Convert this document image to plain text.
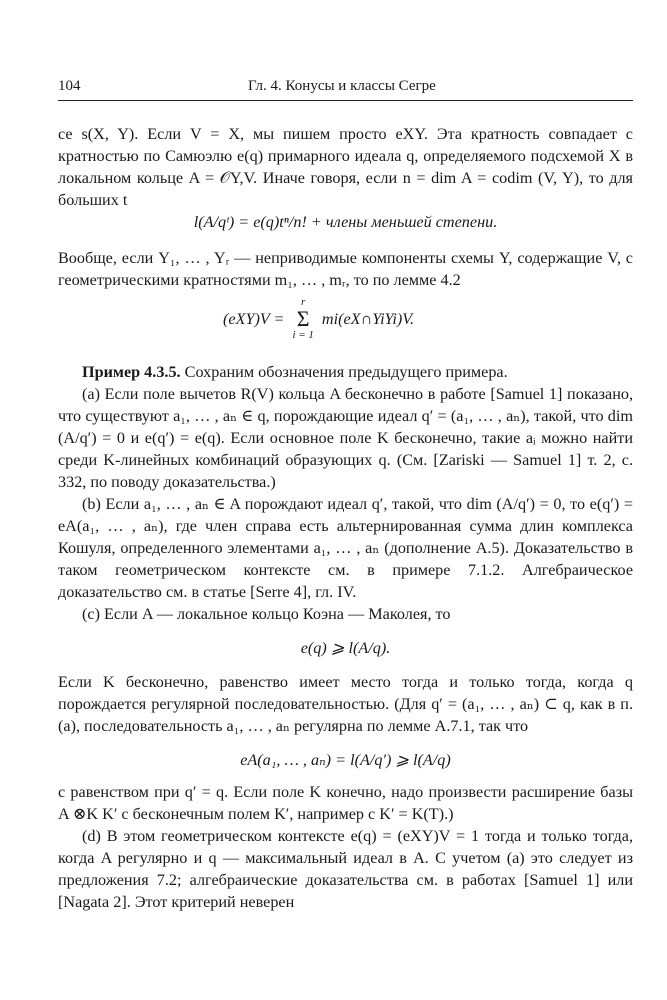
104	Гл. 4. Конусы и классы Сегре

се s(X, Y). Если V = X, мы пишем просто eXY. Эта кратность совпадает с кратностью по Самюэлю e(q) примарного идеала q, определяемого подсхемой X в локальном кольце A = 𝒪Y,V. Иначе говоря, если n = dim A = codim (V, Y), то для больших t

l(A/qᵗ) = e(q)tⁿ/n! + члены меньшей степени.

Вообще, если Y₁, … , Yᵣ — неприводимые компоненты схемы Y, содержащие V, с геометрическими кратностями m₁, … , mᵣ, то по лемме 4.2

(eXY)V =
r
Σ
i = 1
mi(eX∩YiYi)V.

Пример 4.3.5. Сохраним обозначения предыдущего примера.

(a) Если поле вычетов R(V) кольца A бесконечно в работе [Samuel 1] показано, что существуют a₁, … , aₙ ∈ q, порождающие идеал q′ = (a₁, … , aₙ), такой, что dim (A/q′) = 0 и e(q′) = e(q). Если основное поле K бесконечно, такие aᵢ можно найти среди K-линейных комбинаций образующих q. (См. [Zariski — Samuel 1] т. 2, с. 332, по поводу доказательства.)

(b) Если a₁, … , aₙ ∈ A порождают идеал q′, такой, что dim (A/q′) = 0, то e(q′) = eA(a₁, … , aₙ), где член справа есть альтернированная сумма длин комплекса Кошуля, определенного элементами a₁, … , aₙ (дополнение A.5). Доказательство в таком геометрическом контексте см. в примере 7.1.2. Алгебраическое доказательство см. в статье [Serre 4], гл. IV.

(c) Если A — локальное кольцо Коэна — Маколея, то

e(q) ⩾ l(A/q).

Если K бесконечно, равенство имеет место тогда и только тогда, когда q порождается регулярной последовательностью. (Для q′ = (a₁, … , aₙ) ⊂ q, как в п.(a), последовательность a₁, … , aₙ регулярна по лемме A.7.1, так что

eA(a₁, … , aₙ) = l(A/q′) ⩾ l(A/q)

с равенством при q′ = q. Если поле K конечно, надо произвести расширение базы A ⊗K K′ с бесконечным полем K′, например с K′ = K(T).)

(d) В этом геометрическом контексте e(q) = (eXY)V = 1 тогда и только тогда, когда A регулярно и q — максимальный идеал в A. С учетом (a) это следует из предложения 7.2; алгебраические доказательства см. в работах [Samuel 1] или [Nagata 2]. Этот критерий неверен
